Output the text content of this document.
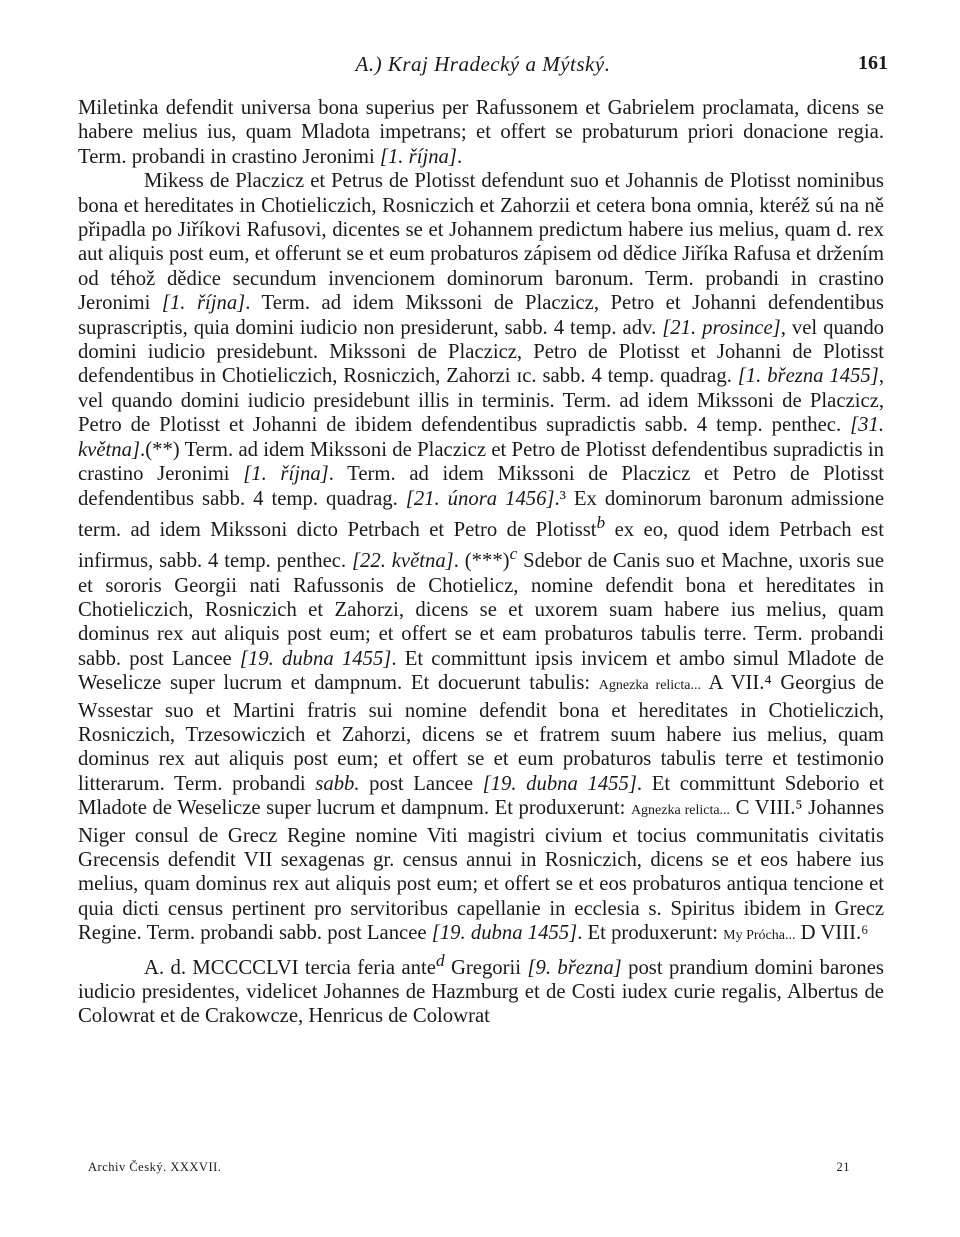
A.) Kraj Hradecký a Mýtský.	161

Miletinka defendit universa bona superius per Rafussonem et Gabrielem proclamata, dicens se habere melius ius, quam Mladota impetrans; et offert se probaturum priori donacione regia. Term. probandi in crastino Jeronimi [1. října].

Mikess de Placzicz et Petrus de Plotisst defendunt suo et Johannis de Plotisst nominibus bona et hereditates in Chotieliczich, Rosniczich et Zahorzii et cetera bona omnia, kteréž sú na ně připadla po Jiříkovi Rafusovi, dicentes se et Johannem predictum habere ius melius, quam d. rex aut aliquis post eum, et offerunt se et eum probaturos zápisem od dědice Jiříka Rafusa et držením od téhož dědice secundum invencionem dominorum baronum. Term. probandi in crastino Jeronimi [1. října]. Term. ad idem Mikssoni de Placzicz, Petro et Johanni defendentibus suprascriptis, quia domini iudicio non presiderunt, sabb. 4 temp. adv. [21. prosince], vel quando domini iudicio presidebunt. Mikssoni de Placzicz, Petro de Plotisst et Johanni de Plotisst defendentibus in Chotieliczich, Rosniczich, Zahorzi ɪc. sabb. 4 temp. quadrag. [1. března 1455], vel quando domini iudicio presidebunt illis in terminis. Term. ad idem Mikssoni de Placzicz, Petro de Plotisst et Johanni de ibidem defendentibus supradictis sabb. 4 temp. penthec. [31. května].(**) Term. ad idem Mikssoni de Placzicz et Petro de Plotisst defendentibus supradictis in crastino Jeronimi [1. října]. Term. ad idem Mikssoni de Placzicz et Petro de Plotisst defendentibus sabb. 4 temp. quadrag. [21. února 1456].³ Ex dominorum baronum admissione term. ad idem Mikssoni dicto Petrbach et Petro de Plotisst$^b$ ex eo, quod idem Petrbach est infirmus, sabb. 4 temp. penthec. [22. května]. $(***)^c$ Sdebor de Canis suo et Machne, uxoris sue et sororis Georgii nati Rafussonis de Chotielicz, nomine defendit bona et hereditates in Chotieliczich, Rosniczich et Zahorzi, dicens se et uxorem suam habere ius melius, quam dominus rex aut aliquis post eum; et offert se et eam probaturos tabulis terre. Term. probandi sabb. post Lancee [19. dubna 1455]. Et committunt ipsis invicem et ambo simul Mladote de Weselicze super lucrum et dampnum. Et docuerunt tabulis: Agnezka relicta... A VII.⁴ Georgius de Wssestar suo et Martini fratris sui nomine defendit bona et hereditates in Chotieliczich, Rosniczich, Trzesowiczich et Zahorzi, dicens se et fratrem suum habere ius melius, quam dominus rex aut aliquis post eum; et offert se et eum probaturos tabulis terre et testimonio litterarum. Term. probandi sabb. post Lancee [19. dubna 1455]. Et committunt Sdeborio et Mladote de Weselicze super lucrum et dampnum. Et produxerunt: Agnezka relicta... C VIII.⁵ Johannes Niger consul de Grecz Regine nomine Viti magistri civium et tocius communitatis civitatis Grecensis defendit VII sexagenas gr. census annui in Rosniczich, dicens se et eos habere ius melius, quam dominus rex aut aliquis post eum; et offert se et eos probaturos antiqua tencione et quia dicti census pertinent pro servitoribus capellanie in ecclesia s. Spiritus ibidem in Grecz Regine. Term. probandi sabb. post Lancee [19. dubna 1455]. Et produxerunt: My Prócha... D VIII.⁶

A. d. MCCCCLVI tercia feria ante$^d$ Gregorii [9. března] post prandium domini barones iudicio presidentes, videlicet Johannes de Hazmburg et de Costi iudex curie regalis, Albertus de Colowrat et de Crakowcze, Henricus de Colowrat

Archiv Český. XXXVII.	21
